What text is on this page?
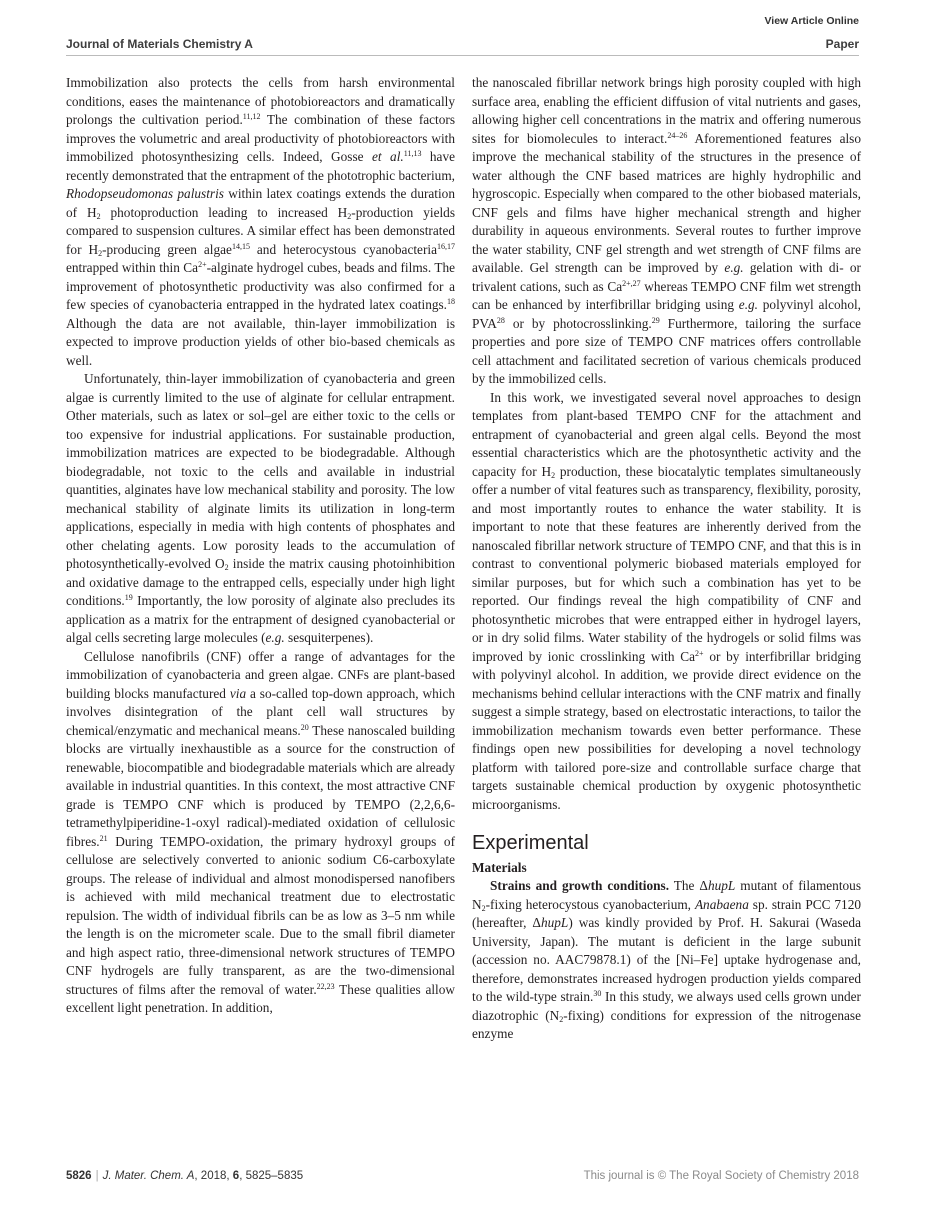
View Article Online
Journal of Materials Chemistry A	Paper

Immobilization also protects the cells from harsh environmental conditions, eases the maintenance of photobioreactors and dramatically prolongs the cultivation period.$^{11,12}$ The combination of these factors improves the volumetric and areal productivity of photobioreactors with immobilized photosynthesizing cells. Indeed, Gosse et al.$^{11,13}$ have recently demonstrated that the entrapment of the phototrophic bacterium, Rhodopseudomonas palustris within latex coatings extends the duration of $H_2$ photoproduction leading to increased $H_2$-production yields compared to suspension cultures. A similar effect has been demonstrated for $H_2$-producing green algae$^{14,15}$ and heterocystous cyanobacteria$^{16,17}$ entrapped within thin $Ca^{2+}$-alginate hydrogel cubes, beads and films. The improvement of photosynthetic productivity was also confirmed for a few species of cyanobacteria entrapped in the hydrated latex coatings.$^{18}$ Although the data are not available, thin-layer immobilization is expected to improve production yields of other bio-based chemicals as well.

Unfortunately, thin-layer immobilization of cyanobacteria and green algae is currently limited to the use of alginate for cellular entrapment. Other materials, such as latex or sol–gel are either toxic to the cells or too expensive for industrial applications. For sustainable production, immobilization matrices are expected to be biodegradable. Although biodegradable, not toxic to the cells and available in industrial quantities, alginates have low mechanical stability and porosity. The low mechanical stability of alginate limits its utilization in long-term applications, especially in media with high contents of phosphates and other chelating agents. Low porosity leads to the accumulation of photosynthetically-evolved $O_2$ inside the matrix causing photoinhibition and oxidative damage to the entrapped cells, especially under high light conditions.$^{19}$ Importantly, the low porosity of alginate also precludes its application as a matrix for the entrapment of designed cyanobacterial or algal cells secreting large molecules (e.g. sesquiterpenes).

Cellulose nanofibrils (CNF) offer a range of advantages for the immobilization of cyanobacteria and green algae. CNFs are plant-based building blocks manufactured via a so-called top-down approach, which involves disintegration of the plant cell wall structures by chemical/enzymatic and mechanical means.$^{20}$ These nanoscaled building blocks are virtually inexhaustible as a source for the construction of renewable, biocompatible and biodegradable materials which are already available in industrial quantities. In this context, the most attractive CNF grade is TEMPO CNF which is produced by TEMPO (2,2,6,6-tetramethylpiperidine-1-oxyl radical)-mediated oxidation of cellulosic fibres.$^{21}$ During TEMPO-oxidation, the primary hydroxyl groups of cellulose are selectively converted to anionic sodium C6-carboxylate groups. The release of individual and almost monodispersed nanofibers is achieved with mild mechanical treatment due to electrostatic repulsion. The width of individual fibrils can be as low as 3–5 nm while the length is on the micrometer scale. Due to the small fibril diameter and high aspect ratio, three-dimensional network structures of TEMPO CNF hydrogels are fully transparent, as are the two-dimensional structures of films after the removal of water.$^{22,23}$ These qualities allow excellent light penetration. In addition,

the nanoscaled fibrillar network brings high porosity coupled with high surface area, enabling the efficient diffusion of vital nutrients and gases, allowing higher cell concentrations in the matrix and offering numerous sites for biomolecules to interact.$^{24-26}$ Aforementioned features also improve the mechanical stability of the structures in the presence of water although the CNF based matrices are highly hydrophilic and hygroscopic. Especially when compared to the other biobased materials, CNF gels and films have higher mechanical strength and higher durability in aqueous environments. Several routes to further improve the water stability, CNF gel strength and wet strength of CNF films are available. Gel strength can be improved by e.g. gelation with di- or trivalent cations, such as $Ca^{2+,27}$ whereas TEMPO CNF film wet strength can be enhanced by interfibrillar bridging using e.g. polyvinyl alcohol, PVA$^{28}$ or by photocrosslinking.$^{29}$ Furthermore, tailoring the surface properties and pore size of TEMPO CNF matrices offers controllable cell attachment and facilitated secretion of various chemicals produced by the immobilized cells.

In this work, we investigated several novel approaches to design templates from plant-based TEMPO CNF for the attachment and entrapment of cyanobacterial and green algal cells. Beyond the most essential characteristics which are the photosynthetic activity and the capacity for $H_2$ production, these biocatalytic templates simultaneously offer a number of vital features such as transparency, flexibility, porosity, and most importantly routes to enhance the water stability. It is important to note that these features are inherently derived from the nanoscaled fibrillar network structure of TEMPO CNF, and that this is in contrast to conventional polymeric biobased materials employed for similar purposes, but for which such a combination has yet to be reported. Our findings reveal the high compatibility of CNF and photosynthetic microbes that were entrapped either in hydrogel layers, or in dry solid films. Water stability of the hydrogels or solid films was improved by ionic crosslinking with $Ca^{2+}$ or by interfibrillar bridging with polyvinyl alcohol. In addition, we provide direct evidence on the mechanisms behind cellular interactions with the CNF matrix and finally suggest a simple strategy, based on electrostatic interactions, to tailor the immobilization mechanism towards even better performance. These findings open new possibilities for developing a novel technology platform with tailored pore-size and controllable surface charge that targets sustainable chemical production by oxygenic photosynthetic microorganisms.

Experimental

Materials

Strains and growth conditions. The ΔhupL mutant of filamentous $N_2$-fixing heterocystous cyanobacterium, Anabaena sp. strain PCC 7120 (hereafter, ΔhupL) was kindly provided by Prof. H. Sakurai (Waseda University, Japan). The mutant is deficient in the large subunit (accession no. AAC79878.1) of the [Ni–Fe] uptake hydrogenase and, therefore, demonstrates increased hydrogen production yields compared to the wild-type strain.$^{30}$ In this study, we always used cells grown under diazotrophic $(N_2-fixing)$ conditions for expression of the nitrogenase enzyme

5826 | J. Mater. Chem. A, 2018, 6, 5825–5835	This journal is © The Royal Society of Chemistry 2018
